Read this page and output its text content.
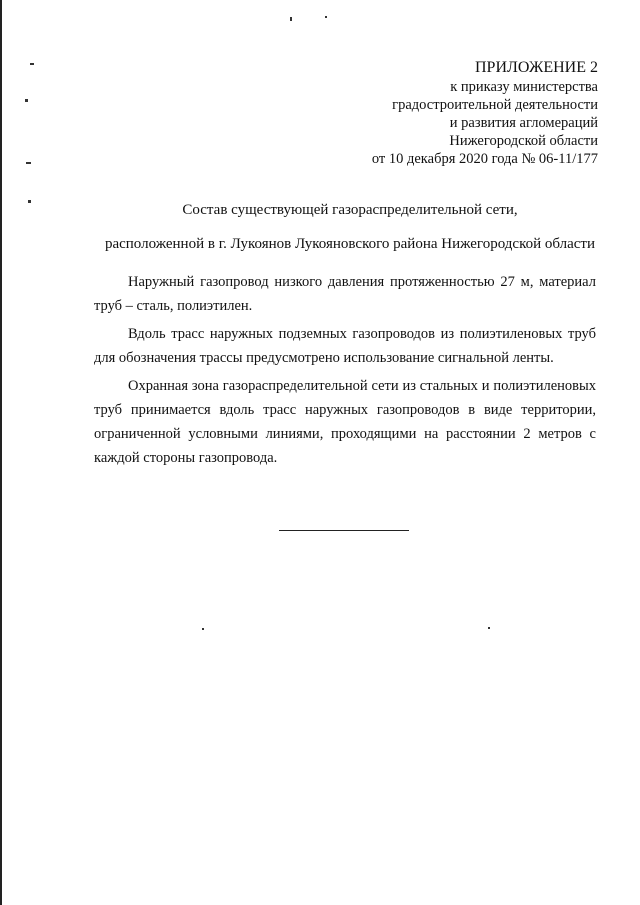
ПРИЛОЖЕНИЕ 2
к приказу министерства
градостроительной деятельности
и развития агломераций
Нижегородской области
от 10 декабря 2020 года № 06-11/177
Состав существующей газораспределительной сети,
расположенной в г. Лукоянов Лукояновского района Нижегородской области

Наружный газопровод низкого давления протяженностью 27 м, материал труб – сталь, полиэтилен.

Вдоль трасс наружных подземных газопроводов из полиэтиленовых труб для обозначения трассы предусмотрено использование сигнальной ленты.

Охранная зона газораспределительной сети из стальных и полиэтиленовых труб принимается вдоль трасс наружных газопроводов в виде территории, ограниченной условными линиями, проходящими на расстоянии 2 метров с каждой стороны газопровода.
